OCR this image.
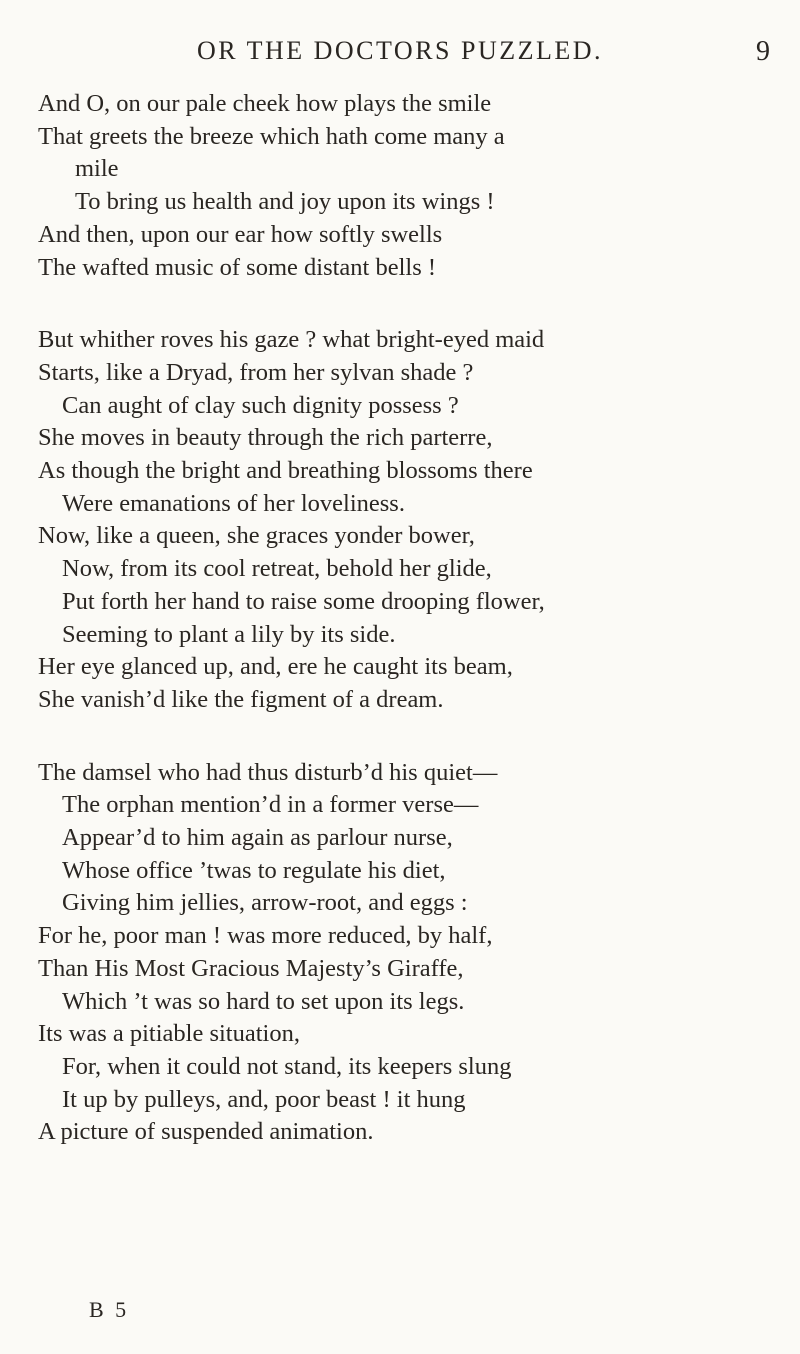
OR THE DOCTORS PUZZLED.	9
And O, on our pale cheek how plays the smile
That greets the breeze which hath come many a
mile
To bring us health and joy upon its wings !
And then, upon our ear how softly swells
The wafted music of some distant bells !
But whither roves his gaze ? what bright-eyed maid
Starts, like a Dryad, from her sylvan shade ?
Can aught of clay such dignity possess ?
She moves in beauty through the rich parterre,
As though the bright and breathing blossoms there
Were emanations of her loveliness.
Now, like a queen, she graces yonder bower,
Now, from its cool retreat, behold her glide,
Put forth her hand to raise some drooping flower,
Seeming to plant a lily by its side.
Her eye glanced up, and, ere he caught its beam,
She vanish’d like the figment of a dream.
The damsel who had thus disturb’d his quiet—
The orphan mention’d in a former verse—
Appear’d to him again as parlour nurse,
Whose office ’twas to regulate his diet,
Giving him jellies, arrow-root, and eggs :
For he, poor man ! was more reduced, by half,
Than His Most Gracious Majesty’s Giraffe,
Which ’t was so hard to set upon its legs.
Its was a pitiable situation,
For, when it could not stand, its keepers slung
It up by pulleys, and, poor beast ! it hung
A picture of suspended animation.
B 5
